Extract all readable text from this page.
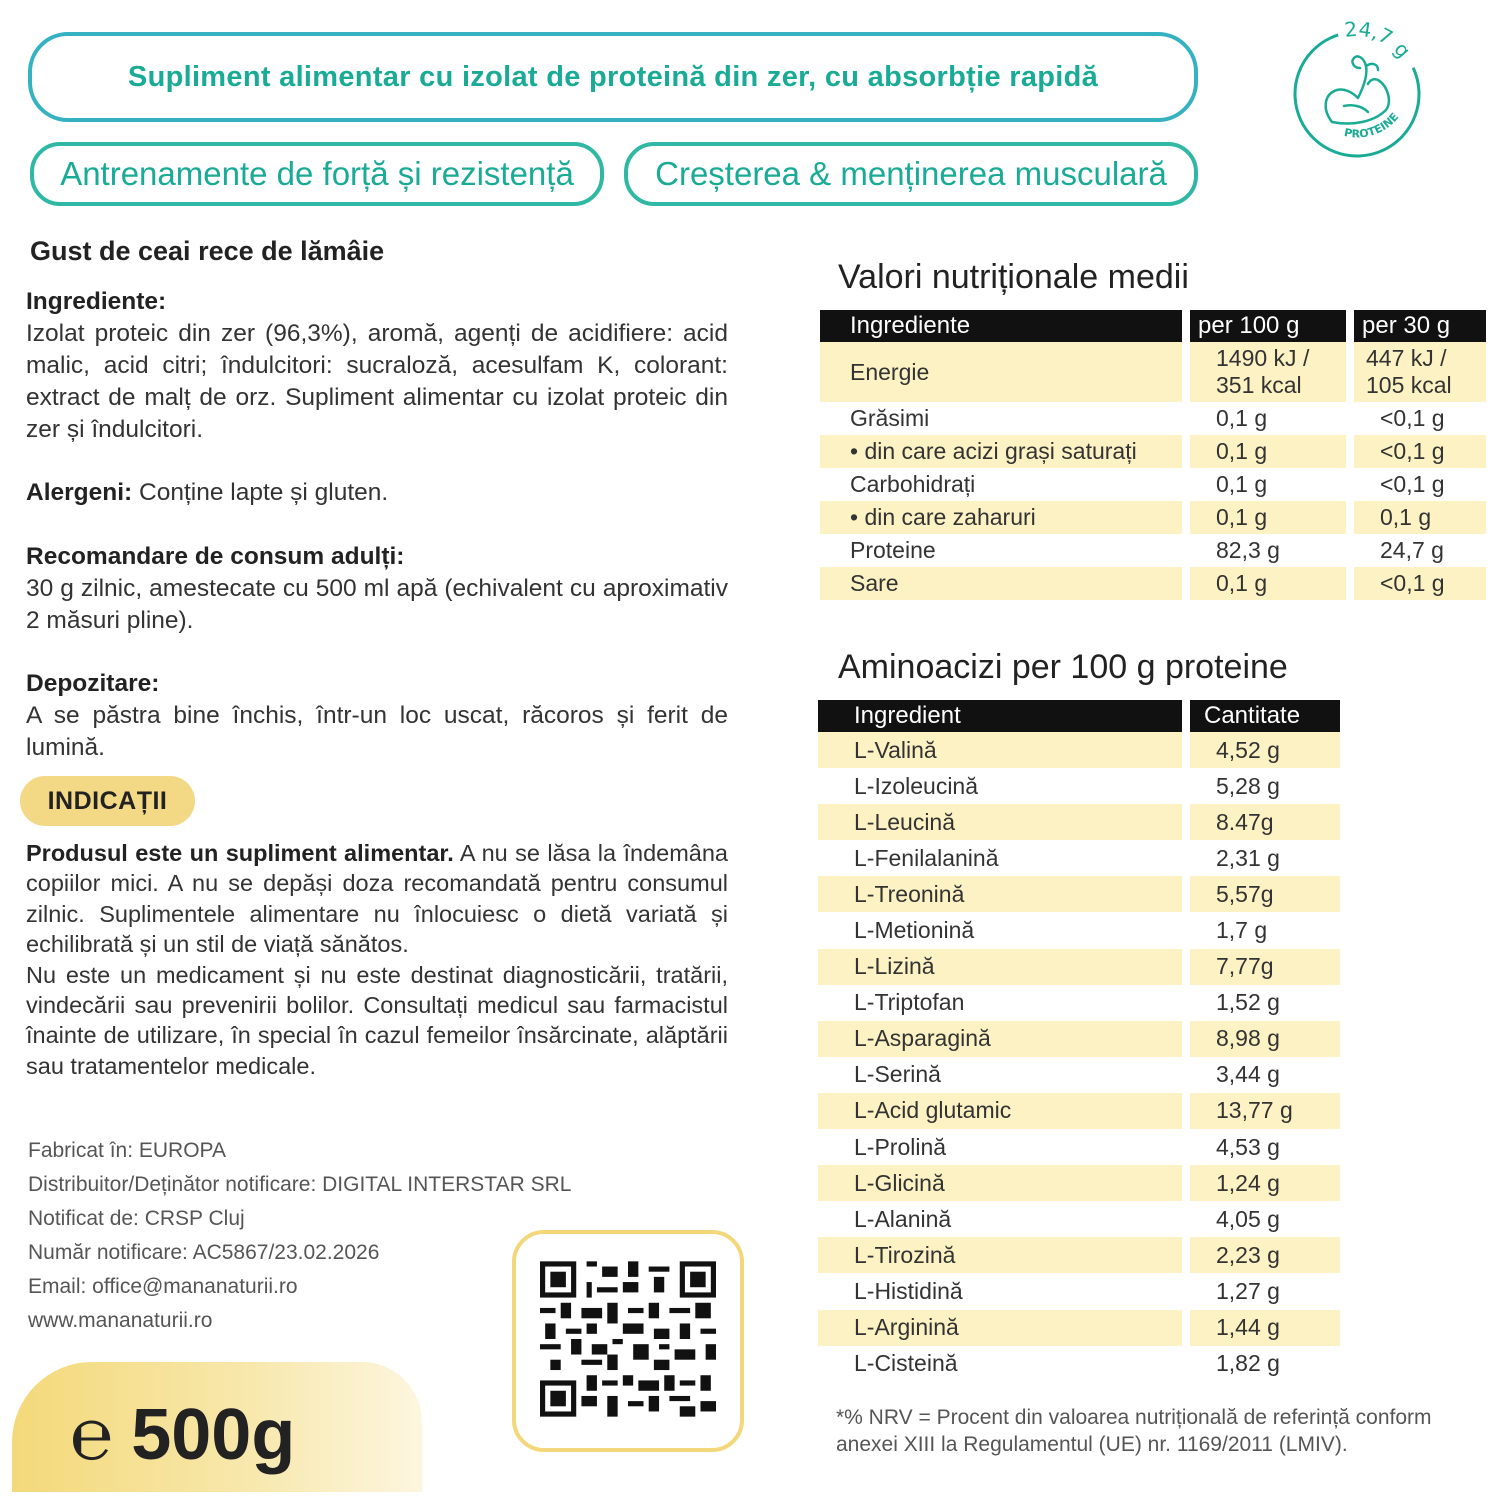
Supliment alimentar cu izolat de proteină din zer, cu absorbție rapidă
Antrenamente de forță și rezistență Creșterea & menținerea musculară
24,7 g
PROTEINE
Gust de ceai rece de lămâie
Ingrediente:
Izolat proteic din zer (96,3%), aromă, agenți de acidifiere: acid malic, acid citri; îndulcitori: sucraloză, acesulfam K, colorant: extract de malț de orz. Supliment alimentar cu izolat proteic din zer și îndulcitori.
Alergeni: Conține lapte și gluten.
Recomandare de consum adulți:
30 g zilnic, amestecate cu 500 ml apă (echivalent cu aproximativ 2 măsuri pline).
Depozitare:
A se păstra bine închis, într-un loc uscat, răcoros și ferit de lumină.
INDICAȚII
Produsul este un supliment alimentar. A nu se lăsa la îndemâna copiilor mici. A nu se depăși doza recomandată pentru consumul zilnic. Suplimentele alimentare nu înlocuiesc o dietă variată și echilibrată și un stil de viață sănătos.
Nu este un medicament și nu este destinat diagnosticării, tratării, vindecării sau prevenirii bolilor. Consultați medicul sau farmacistul înainte de utilizare, în special în cazul femeilor însărcinate, alăptării sau tratamentelor medicale.
Fabricat în: EUROPA
Distribuitor/Deținător notificare: DIGITAL INTERSTAR SRL
Notificat de: CRSP Cluj
Număr notificare: AC5867/23.02.2026
Email: office@mananaturii.ro
www.mananaturii.ro
℮ 500g
Valori nutriționale medii
Ingrediente	per 100 g	per 30 g
Energie	1490 kJ / 351 kcal	447 kJ / 105 kcal
Grăsimi	0,1 g	<0,1 g
• din care acizi grași saturați	0,1 g	<0,1 g
Carbohidrați	0,1 g	<0,1 g
• din care zaharuri	0,1 g	0,1 g
Proteine	82,3 g	24,7 g
Sare	0,1 g	<0,1 g
Aminoacizi per 100 g proteine
Ingredient	Cantitate
L-Valină	4,52 g
L-Izoleucină	5,28 g
L-Leucină	8.47g
L-Fenilalanină	2,31 g
L-Treonină	5,57g
L-Metionină	1,7 g
L-Lizină	7,77g
L-Triptofan	1,52 g
L-Asparagină	8,98 g
L-Serină	3,44 g
L-Acid glutamic	13,77 g
L-Prolină	4,53 g
L-Glicină	1,24 g
L-Alanină	4,05 g
L-Tirozină	2,23 g
L-Histidină	1,27 g
L-Arginină	1,44 g
L-Cisteină	1,82 g
*% NRV = Procent din valoarea nutrițională de referință conform anexei XIII la Regulamentul (UE) nr. 1169/2011 (LMIV).
